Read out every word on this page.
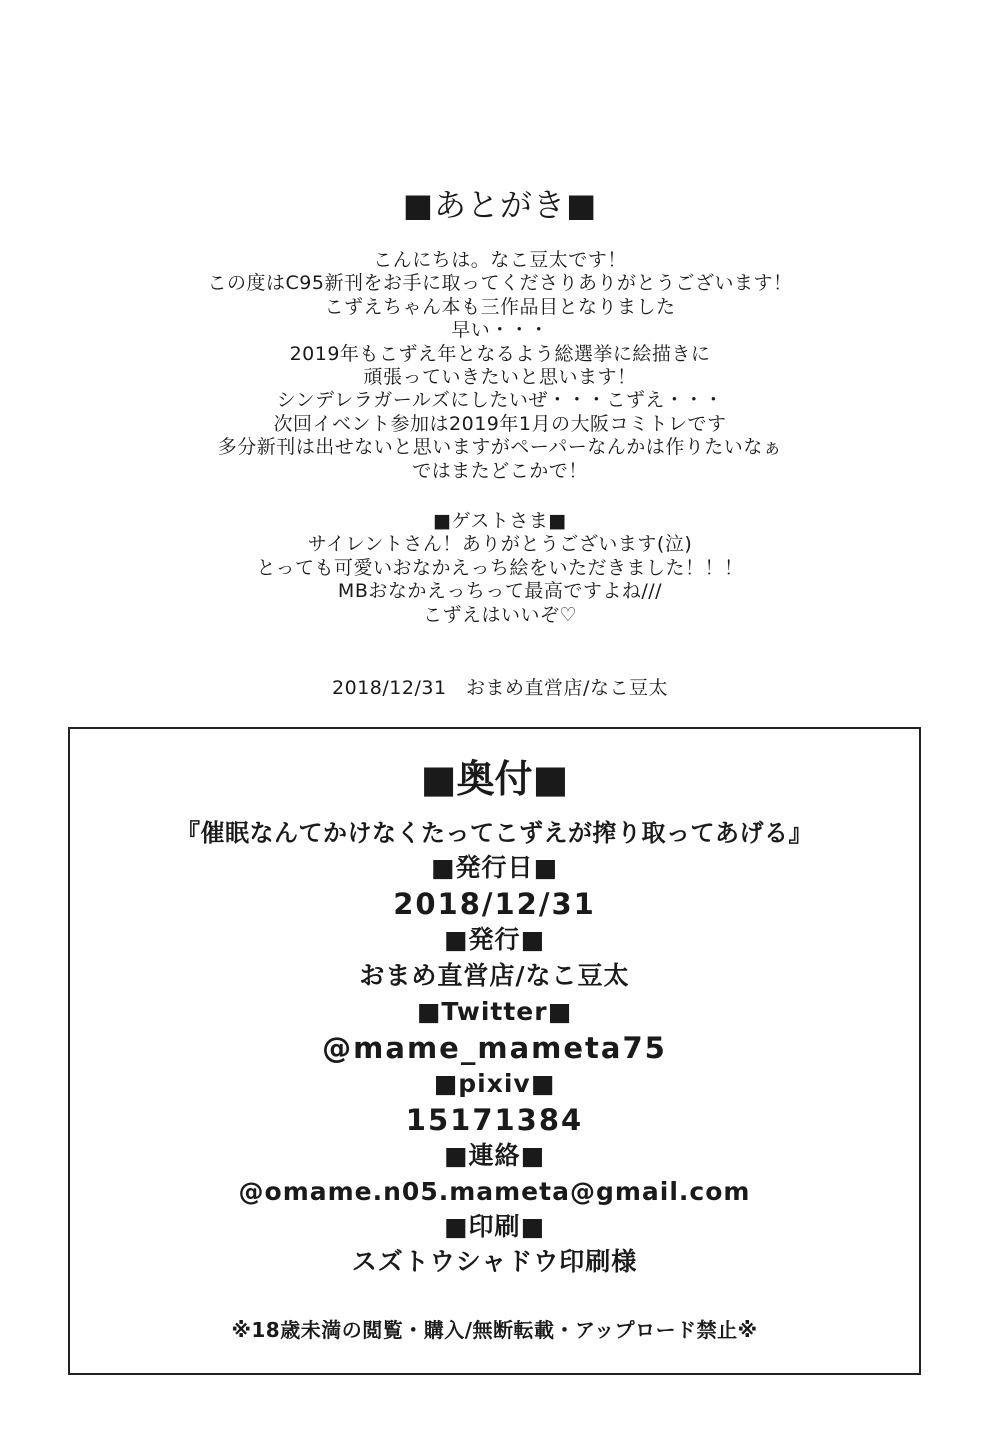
■あとがき■
こんにちは。なこ豆太です！
この度はC95新刊をお手に取ってくださりありがとうございます！
こずえちゃん本も三作品目となりました
早い・・・
2019年もこずえ年となるよう総選挙に絵描きに
頑張っていきたいと思います！
シンデレラガールズにしたいぜ・・・こずえ・・・
次回イベント参加は2019年1月の大阪コミトレです
多分新刊は出せないと思いますがペーパーなんかは作りたいなぁ
ではまたどこかで！
■ゲストさま■
サイレントさん！ありがとうございます(泣)
とっても可愛いおなかえっち絵をいただきました！！！
MBおなかえっちって最高ですよね///
こずえはいいぞ♡
2018/12/31　おまめ直営店/なこ豆太
■奥付■
『催眠なんてかけなくたってこずえが搾り取ってあげる』
■発行日■
2018/12/31
■発行■
おまめ直営店/なこ豆太
■Twitter■
@mame_mameta75
■pixiv■
15171384
■連絡■
@omame.n05.mameta@gmail.com
■印刷■
スズトウシャドウ印刷様
※18歳未満の閲覧・購入/無断転載・アップロード禁止※
